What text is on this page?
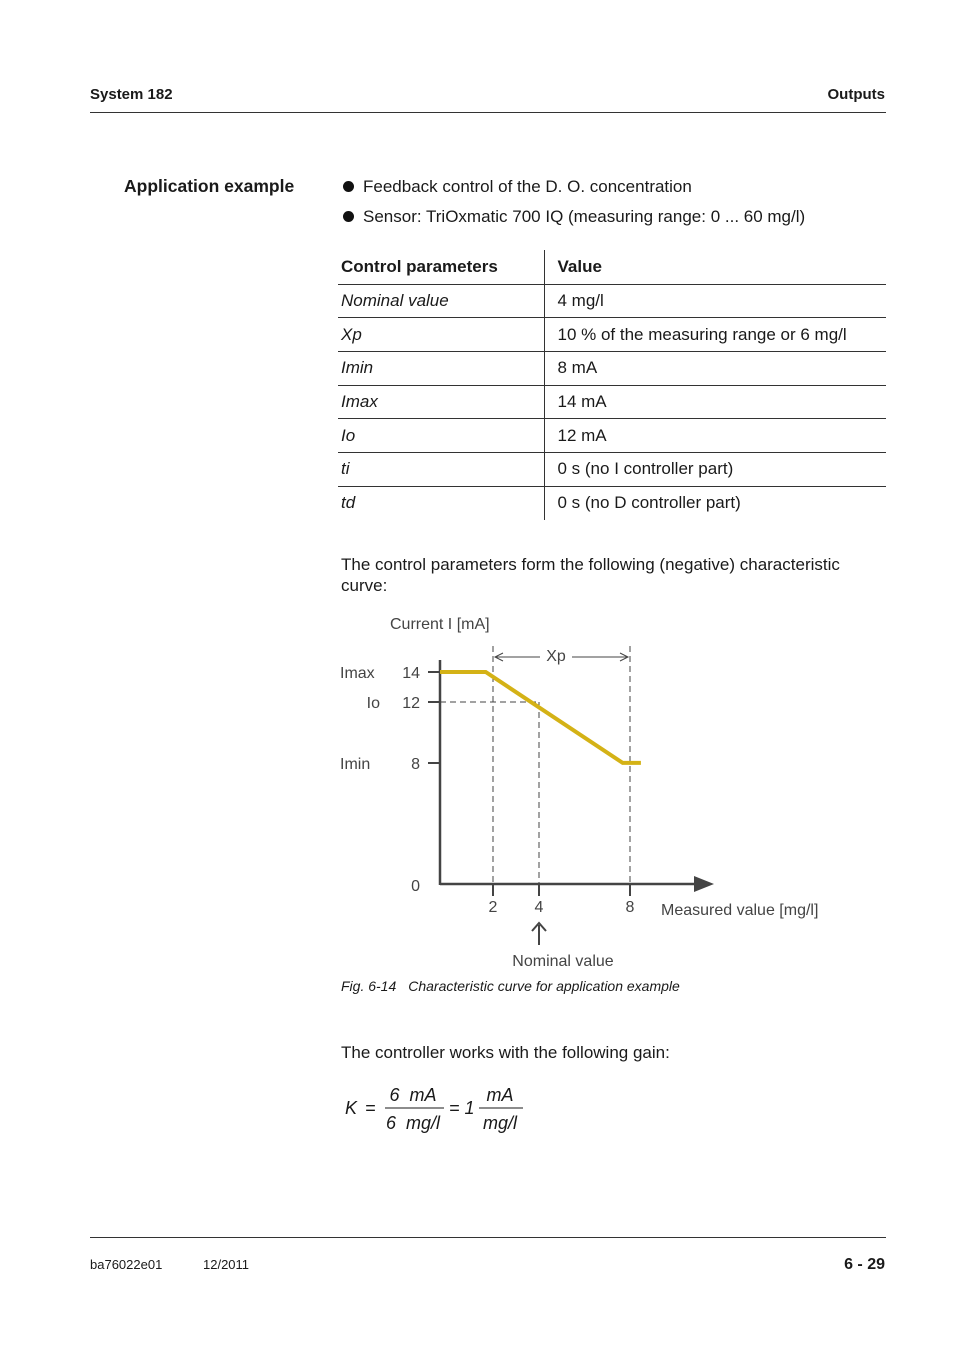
System 182	Outputs
Application example	Feedback control of the D. O. concentration
Sensor: TriOxmatic 700 IQ (measuring range: 0 ... 60 mg/l)
Control parameters	Value
Nominal value	4 mg/l
Xp	10 % of the measuring range or 6 mg/l
Imin	8 mA
Imax	14 mA
Io	12 mA
ti	0 s (no I controller part)
td	0 s (no D controller part)

The control parameters form the following (negative) characteristic curve:

Xp
14
12
8
0
Imax
Io
Imin
2 4	8
Current I [mA]
Measured value [mg/l]
Nominal value
Fig. 6-14 Characteristic curve for application example

The controller works with the following gain:

K =
6  mA
6  mg/l
= 1
mA
mg/l
ba76022e01	12/2011	6 - 29
